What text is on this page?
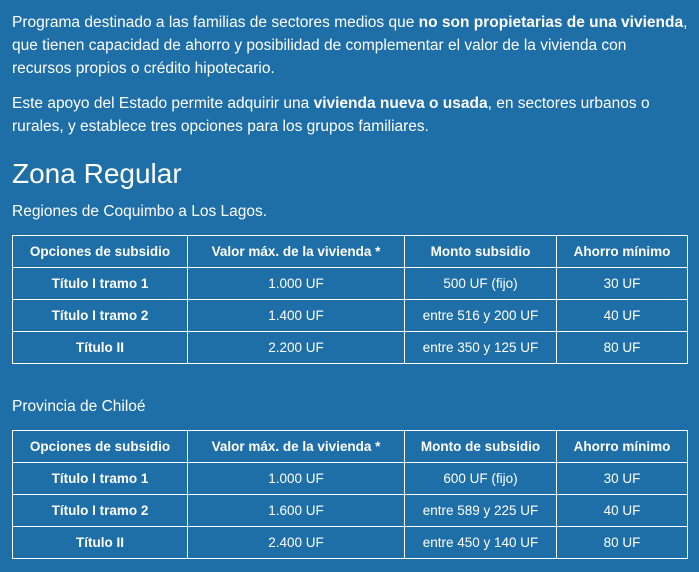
Programa destinado a las familias de sectores medios que no son propietarias de una vivienda, que tienen capacidad de ahorro y posibilidad de complementar el valor de la vivienda con recursos propios o crédito hipotecario.

Este apoyo del Estado permite adquirir una vivienda nueva o usada, en sectores urbanos o rurales, y establece tres opciones para los grupos familiares.

Zona Regular

Regiones de Coquimbo a Los Lagos.

Opciones de subsidio	Valor máx. de la vivienda *	Monto subsidio	Ahorro mínimo
Título I tramo 1	1.000 UF	500 UF (fijo)	30 UF
Título I tramo 2	1.400 UF	entre 516 y 200 UF	40 UF
Título II	2.200 UF	entre 350 y 125 UF	80 UF

Provincia de Chiloé

Opciones de subsidio	Valor máx. de la vivienda *	Monto de subsidio	Ahorro mínimo
Título I tramo 1	1.000 UF	600 UF (fijo)	30 UF
Título I tramo 2	1.600 UF	entre 589 y 225 UF	40 UF
Título II	2.400 UF	entre 450 y 140 UF	80 UF
